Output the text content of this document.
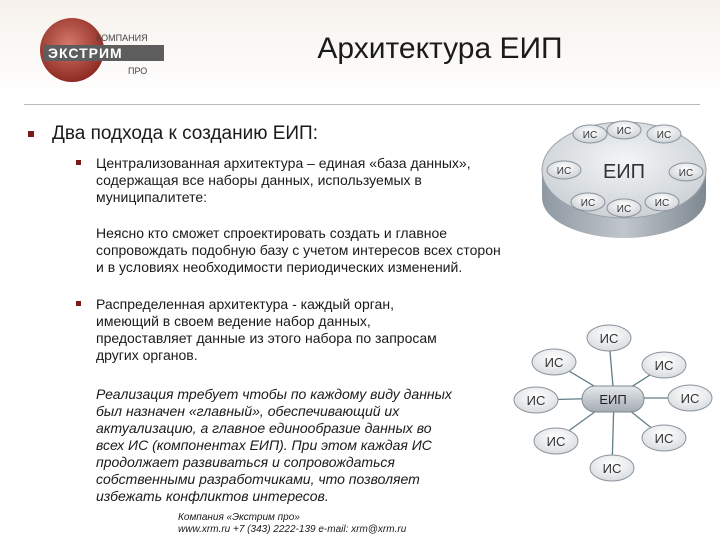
КОМПАНИЯ
ЭКСТРИМ
ПРО
Архитектура ЕИП
Два подхода к созданию ЕИП:
Централизованная архитектура – единая «база данных»,
содержащая все наборы данных, используемых в
муниципалитете:
Неясно кто сможет спроектировать создать и главное
сопровождать подобную базу с учетом интересов всех сторон
и в условиях необходимости периодических изменений.
Распределенная архитектура - каждый орган,
имеющий в своем ведение набор данных,
предоставляет данные из этого набора по запросам
других органов.
Реализация требует чтобы по каждому виду данных
был назначен «главный», обеспечивающий их
актуализацию, а главное единообразие данных во
всех ИС (компонентах ЕИП). При этом каждая ИС
продолжает развиваться и сопровождаться
собственными разработчиками, что позволяет
избежать конфликтов интересов.
ЕИП
ИС ИС	ИС
ИС	ИС
ИС
ИС
ИС
ИС
ИС	ИС
ИС	ИС
ИС	ИС
ИС
ЕИП
Компания «Экстрим про»
www.xrm.ru +7 (343) 2222-139 e-mail: xrm@xrm.ru
